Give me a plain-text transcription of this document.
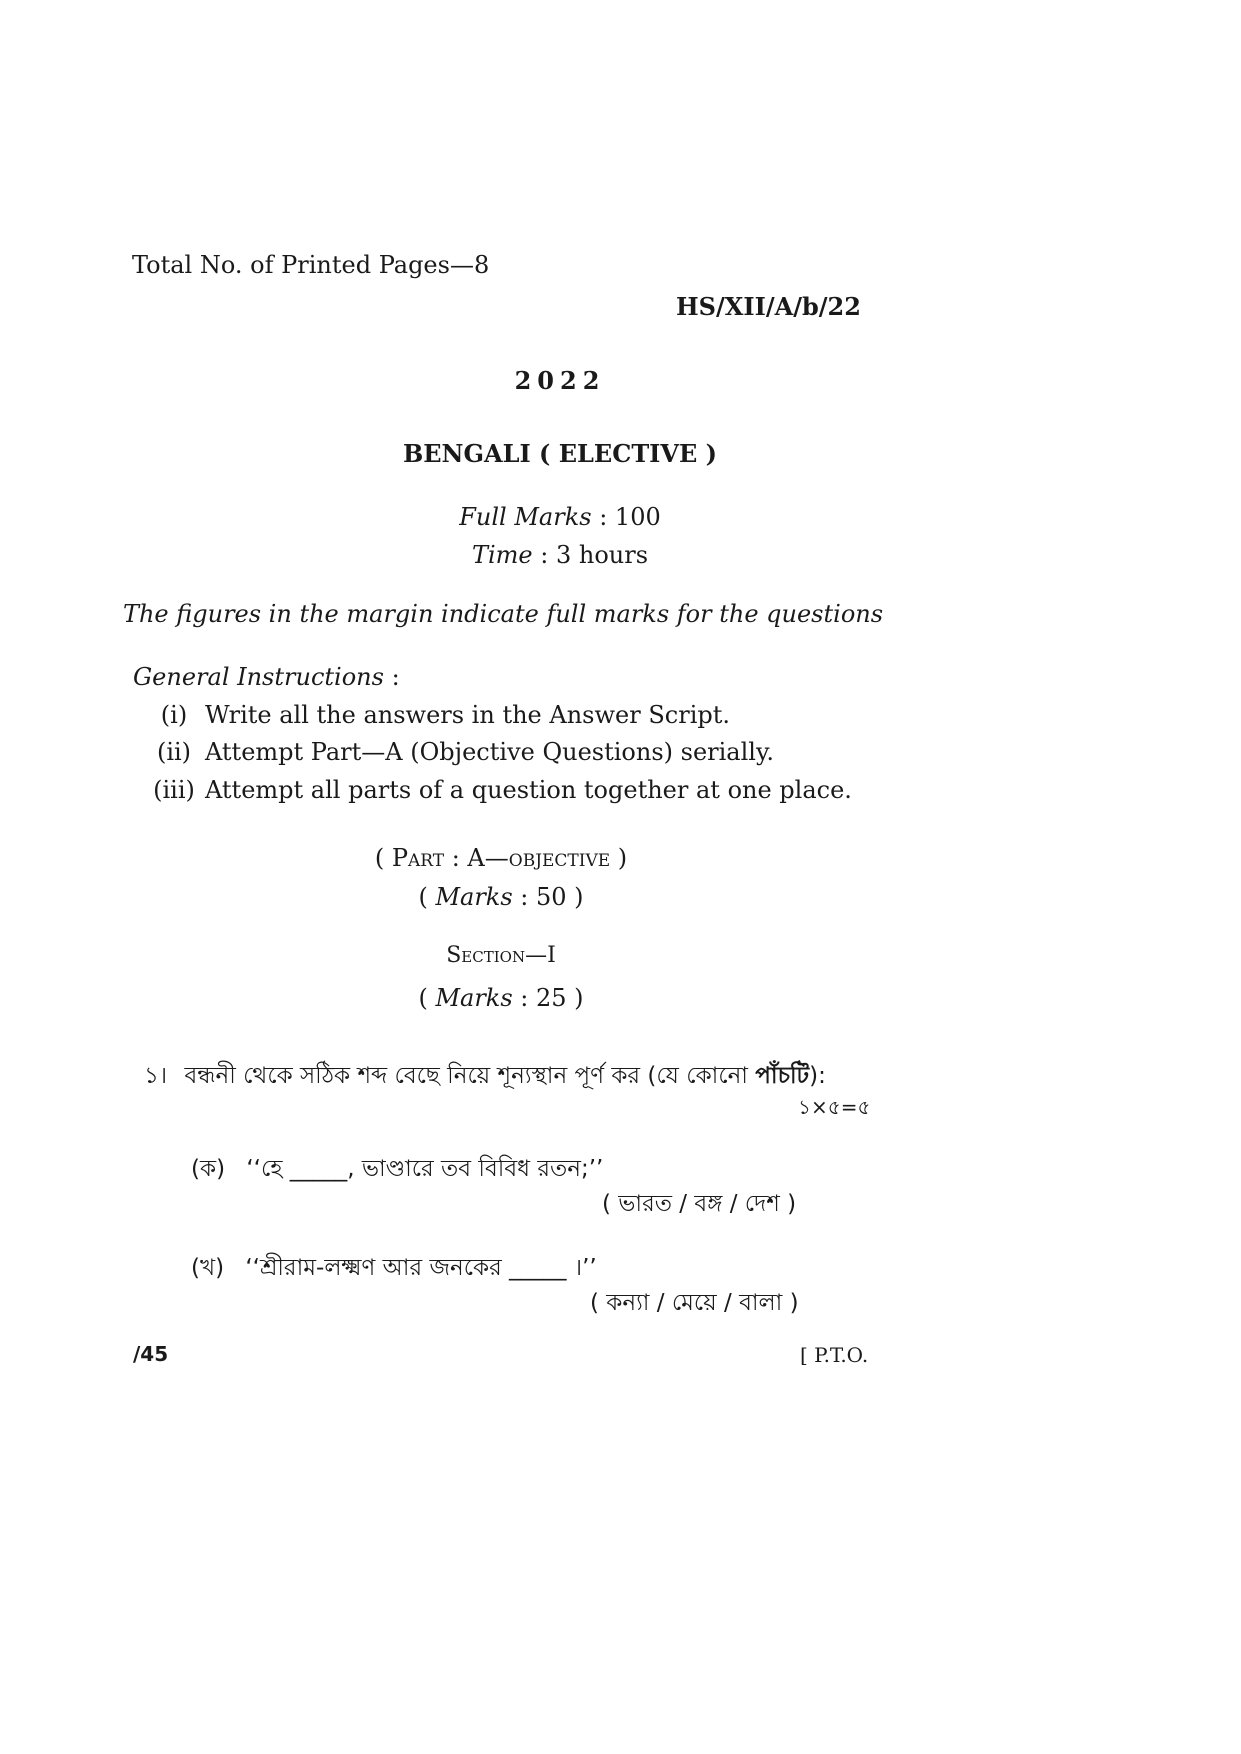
Total No. of Printed Pages—8
HS/XII/A/b/22
2022
BENGALI ( ELECTIVE )
Full Marks : 100
Time : 3 hours
The figures in the margin indicate full marks for the questions
General Instructions :
(i) Write all the answers in the Answer Script.
(ii) Attempt Part—A (Objective Questions) serially.
(iii) Attempt all parts of a question together at one place.
( Part : A—objective )
( Marks : 50 )
Section—I
( Marks : 25 )
১। বন্ধনী থেকে সঠিক শব্দ বেছে নিয়ে শূন্যস্থান পূর্ণ কর (যে কোনো পাঁচটি):
১×৫=৫
(ক) ‘‘হে _____, ভাণ্ডারে তব বিবিধ রতন;’’
( ভারত / বঙ্গ / দেশ )
(খ) ‘‘শ্রীরাম-লক্ষ্মণ আর জনকের _____ ।’’
( কন্যা / মেয়ে / বালা )
/45	[ P.T.O.
